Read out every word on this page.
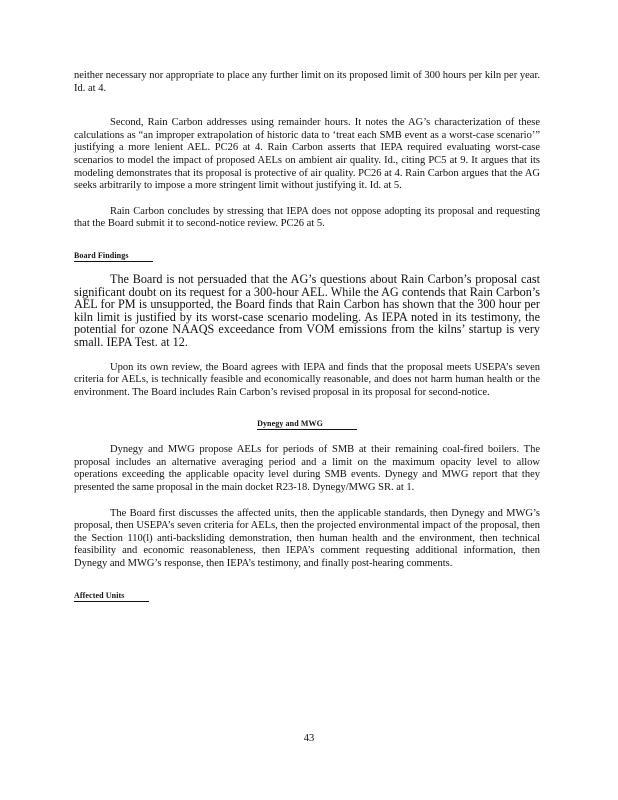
neither necessary nor appropriate to place any further limit on its proposed limit of 300 hours per kiln per year. Id. at 4.

Second, Rain Carbon addresses using remainder hours. It notes the AG’s characterization of these calculations as “an improper extrapolation of historic data to ‘treat each SMB event as a worst-case scenario’” justifying a more lenient AEL. PC26 at 4. Rain Carbon asserts that IEPA required evaluating worst-case scenarios to model the impact of proposed AELs on ambient air quality. Id., citing PC5 at 9. It argues that its modeling demonstrates that its proposal is protective of air quality. PC26 at 4. Rain Carbon argues that the AG seeks arbitrarily to impose a more stringent limit without justifying it. Id. at 5.

Rain Carbon concludes by stressing that IEPA does not oppose adopting its proposal and requesting that the Board submit it to second-notice review. PC26 at 5.

Board Findings

The Board is not persuaded that the AG’s questions about Rain Carbon’s proposal cast significant doubt on its request for a 300-hour AEL. While the AG contends that Rain Carbon’s AEL for PM is unsupported, the Board finds that Rain Carbon has shown that the 300 hour per kiln limit is justified by its worst-case scenario modeling. As IEPA noted in its testimony, the potential for ozone NAAQS exceedance from VOM emissions from the kilns’ startup is very small. IEPA Test. at 12.

Upon its own review, the Board agrees with IEPA and finds that the proposal meets USEPA’s seven criteria for AELs, is technically feasible and economically reasonable, and does not harm human health or the environment. The Board includes Rain Carbon’s revised proposal in its proposal for second-notice.

Dynegy and MWG

Dynegy and MWG propose AELs for periods of SMB at their remaining coal-fired boilers. The proposal includes an alternative averaging period and a limit on the maximum opacity level to allow operations exceeding the applicable opacity level during SMB events. Dynegy and MWG report that they presented the same proposal in the main docket R23-18. Dynegy/MWG SR. at 1.

The Board first discusses the affected units, then the applicable standards, then Dynegy and MWG’s proposal, then USEPA’s seven criteria for AELs, then the projected environmental impact of the proposal, then the Section 110(l) anti-backsliding demonstration, then human health and the environment, then technical feasibility and economic reasonableness, then IEPA’s comment requesting additional information, then Dynegy and MWG’s response, then IEPA’s testimony, and finally post-hearing comments.

Affected Units
43
